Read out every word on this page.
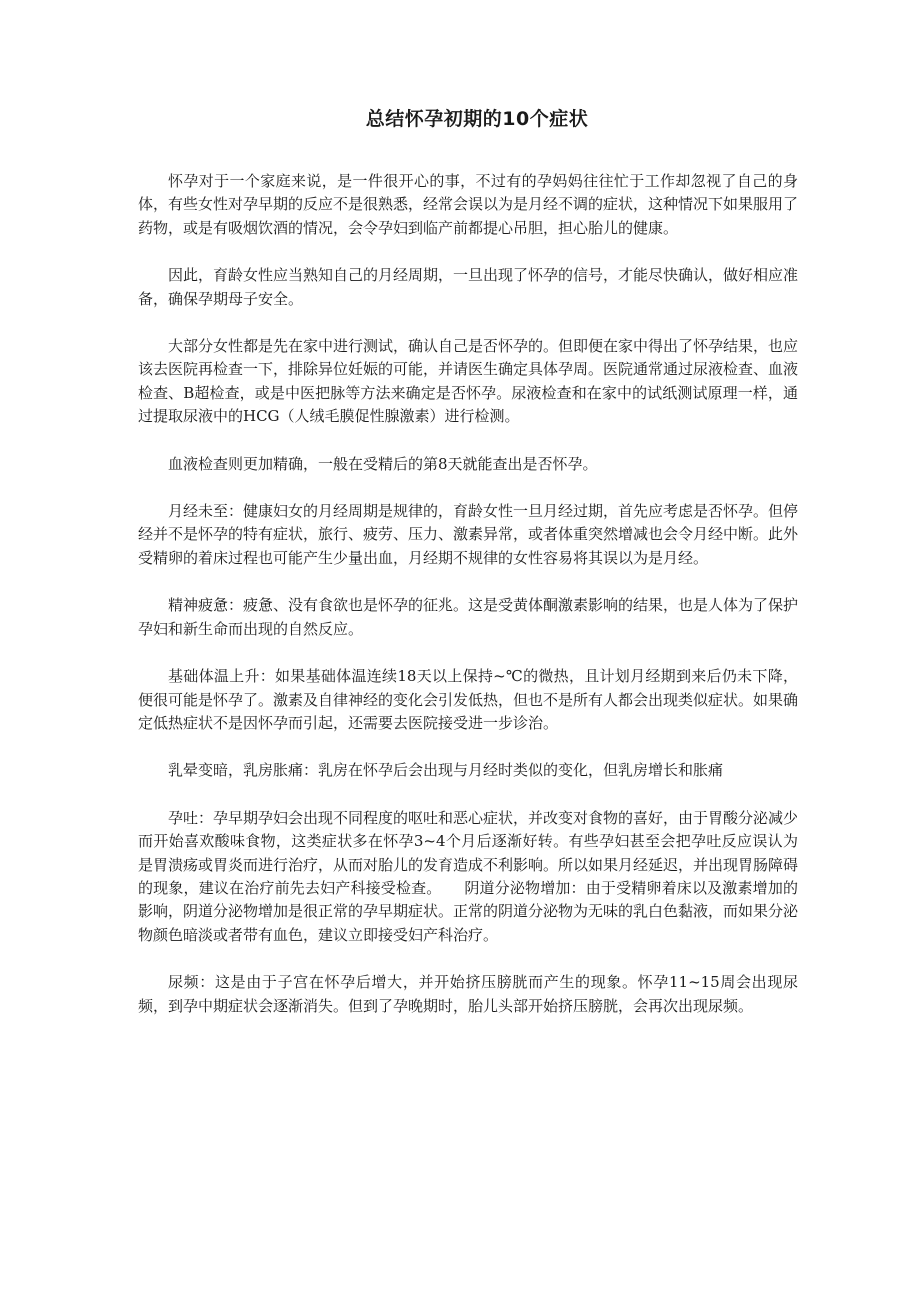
总结怀孕初期的10个症状

怀孕对于一个家庭来说，是一件很开心的事，不过有的孕妈妈往往忙于工作却忽视了自己的身体，有些女性对孕早期的反应不是很熟悉，经常会误以为是月经不调的症状，这种情况下如果服用了药物，或是有吸烟饮酒的情况，会令孕妇到临产前都提心吊胆，担心胎儿的健康。

因此，育龄女性应当熟知自己的月经周期，一旦出现了怀孕的信号，才能尽快确认，做好相应准备，确保孕期母子安全。

大部分女性都是先在家中进行测试，确认自己是否怀孕的。但即便在家中得出了怀孕结果，也应该去医院再检查一下，排除异位妊娠的可能，并请医生确定具体孕周。医院通常通过尿液检查、血液检查、B超检查，或是中医把脉等方法来确定是否怀孕。尿液检查和在家中的试纸测试原理一样，通过提取尿液中的HCG（人绒毛膜促性腺激素）进行检测。

血液检查则更加精确，一般在受精后的第8天就能查出是否怀孕。

月经未至：健康妇女的月经周期是规律的，育龄女性一旦月经过期，首先应考虑是否怀孕。但停经并不是怀孕的特有症状，旅行、疲劳、压力、激素异常，或者体重突然增减也会令月经中断。此外受精卵的着床过程也可能产生少量出血，月经期不规律的女性容易将其误以为是月经。

精神疲惫：疲惫、没有食欲也是怀孕的征兆。这是受黄体酮激素影响的结果，也是人体为了保护孕妇和新生命而出现的自然反应。

基础体温上升：如果基础体温连续18天以上保持~℃的微热，且计划月经期到来后仍未下降，便很可能是怀孕了。激素及自律神经的变化会引发低热，但也不是所有人都会出现类似症状。如果确定低热症状不是因怀孕而引起，还需要去医院接受进一步诊治。

乳晕变暗，乳房胀痛：乳房在怀孕后会出现与月经时类似的变化，但乳房增长和胀痛

孕吐：孕早期孕妇会出现不同程度的呕吐和恶心症状，并改变对食物的喜好，由于胃酸分泌减少而开始喜欢酸味食物，这类症状多在怀孕3~4个月后逐渐好转。有些孕妇甚至会把孕吐反应误认为是胃溃疡或胃炎而进行治疗，从而对胎儿的发育造成不利影响。所以如果月经延迟，并出现胃肠障碍的现象，建议在治疗前先去妇产科接受检查。　　阴道分泌物增加：由于受精卵着床以及激素增加的影响，阴道分泌物增加是很正常的孕早期症状。正常的阴道分泌物为无味的乳白色黏液，而如果分泌物颜色暗淡或者带有血色，建议立即接受妇产科治疗。

尿频：这是由于子宫在怀孕后增大，并开始挤压膀胱而产生的现象。怀孕11~15周会出现尿频，到孕中期症状会逐渐消失。但到了孕晚期时，胎儿头部开始挤压膀胱，会再次出现尿频。
